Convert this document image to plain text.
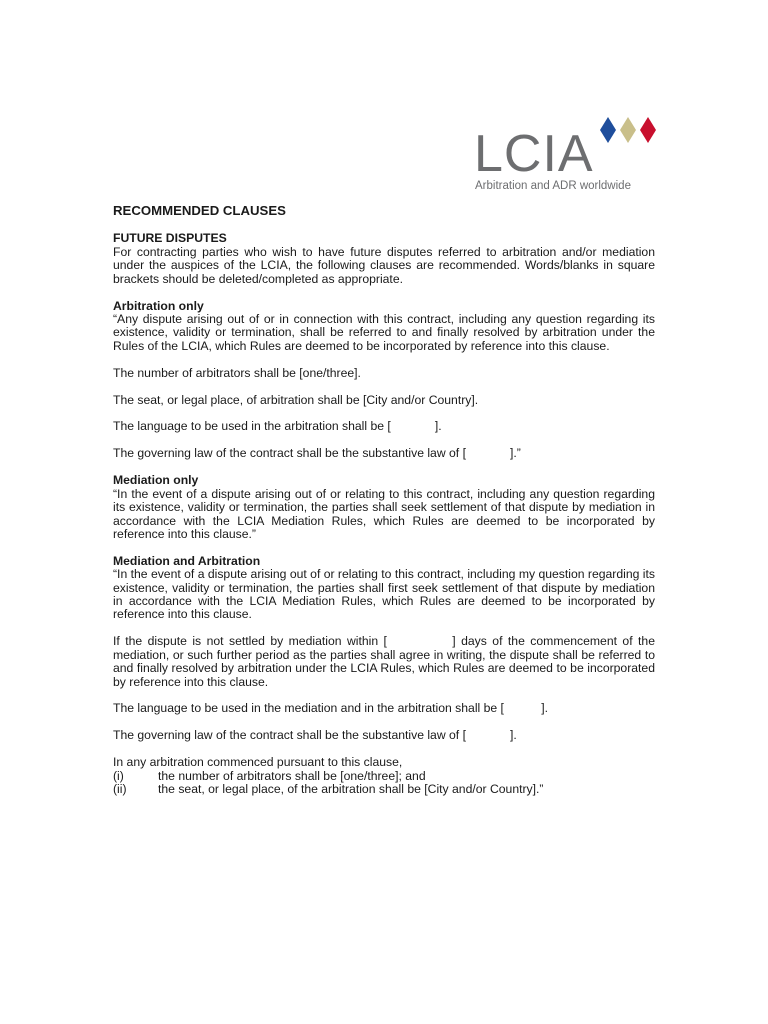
LCIA
Arbitration and ADR worldwide
RECOMMENDED CLAUSES
FUTURE DISPUTES

For contracting parties who wish to have future disputes referred to arbitration and/or mediation under the auspices of the LCIA, the following clauses are recommended. Words/blanks in square brackets should be deleted/completed as appropriate.

Arbitration only

“Any dispute arising out of or in connection with this contract, including any question regarding its existence, validity or termination, shall be referred to and finally resolved by arbitration under the Rules of the LCIA, which Rules are deemed to be incorporated by reference into this clause.

The number of arbitrators shall be [one/three].

The seat, or legal place, of arbitration shall be [City and/or Country].

The language to be used in the arbitration shall be [             ].

The governing law of the contract shall be the substantive law of [             ].”

Mediation only

“In the event of a dispute arising out of or relating to this contract, including any question regarding its existence, validity or termination, the parties shall seek settlement of that dispute by mediation in accordance with the LCIA Mediation Rules, which Rules are deemed to be incorporated by reference into this clause.”

Mediation and Arbitration

“In the event of a dispute arising out of or relating to this contract, including my question regarding its existence, validity or termination, the parties shall first seek settlement of that dispute by mediation in accordance with the LCIA Mediation Rules, which Rules are deemed to be incorporated by reference into this clause.

If the dispute is not settled by mediation within [            ] days of the commencement of the mediation, or such further period as the parties shall agree in writing, the dispute shall be referred to and finally resolved by arbitration under the LCIA Rules, which Rules are deemed to be incorporated by reference into this clause.

The language to be used in the mediation and in the arbitration shall be [           ].

The governing law of the contract shall be the substantive law of [             ].

In any arbitration commenced pursuant to this clause,

(i)	the number of arbitrators shall be [one/three]; and
(ii)	the seat, or legal place, of the arbitration shall be [City and/or Country].”
